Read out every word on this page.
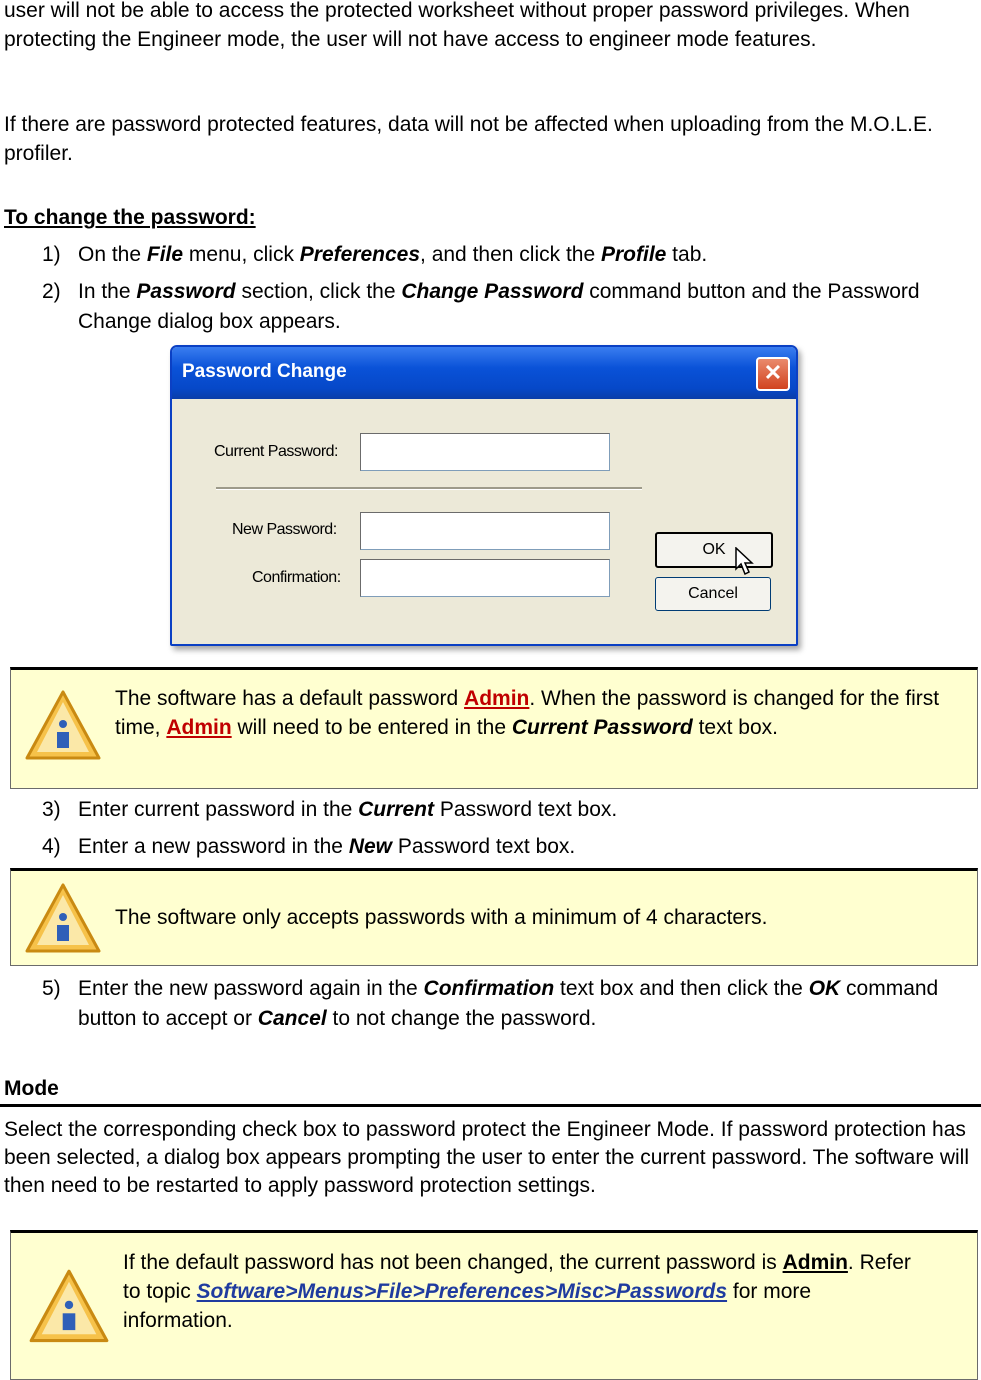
user will not be able to access the protected worksheet without proper password privileges. When protecting the Engineer mode, the user will not have access to engineer mode features.

If there are password protected features, data will not be affected when uploading from the M.O.L.E. profiler.

To change the password:

1) On the File menu, click Preferences, and then click the Profile tab.
2) In the Password section, click the Change Password command button and the Password Change dialog box appears.
Password Change	✕
Current Password:
New Password:
Confirmation:
OK
Cancel
The software has a default password Admin. When the password is changed for the first time, Admin will need to be entered in the Current Password text box.
3) Enter current password in the Current Password text box.
4) Enter a new password in the New Password text box.
The software only accepts passwords with a minimum of 4 characters.
5) Enter the new password again in the Confirmation text box and then click the OK command button to accept or Cancel to not change the password.

Mode

Select the corresponding check box to password protect the Engineer Mode. If password protection has been selected, a dialog box appears prompting the user to enter the current password. The software will then need to be restarted to apply password protection settings.

If the default password has not been changed, the current password is Admin. Refer to topic Software>Menus>File>Preferences>Misc>Passwords for more information.
